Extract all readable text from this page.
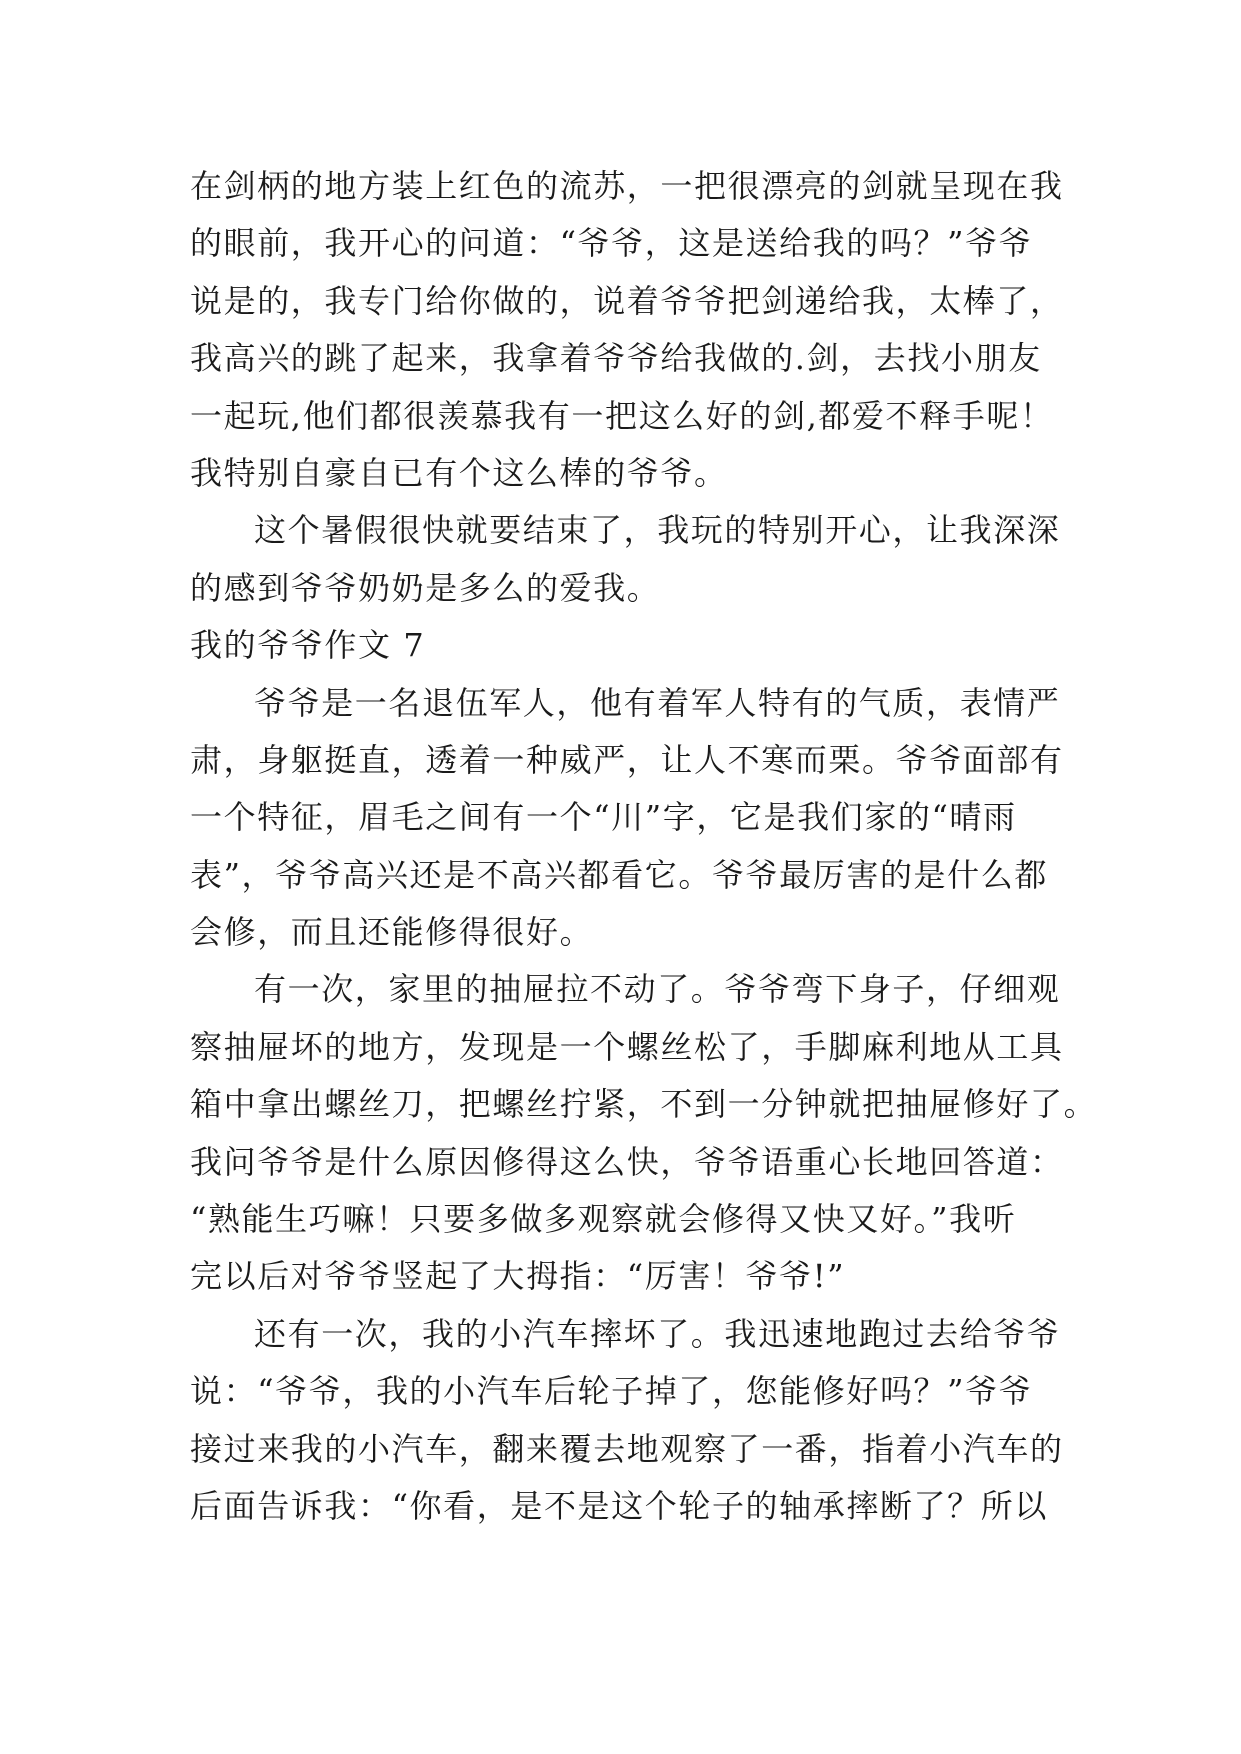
在剑柄的地方装上红色的流苏，一把很漂亮的剑就呈现在我
的眼前，我开心的问道：“爷爷，这是送给我的吗？”爷爷
说是的，我专门给你做的，说着爷爷把剑递给我，太棒了，
我高兴的跳了起来，我拿着爷爷给我做的.剑，去找小朋友
一起玩,他们都很羡慕我有一把这么好的剑,都爱不释手呢！
我特别自豪自已有个这么棒的爷爷。
这个暑假很快就要结束了，我玩的特别开心，让我深深
的感到爷爷奶奶是多么的爱我。
我的爷爷作文 7
爷爷是一名退伍军人，他有着军人特有的气质，表情严
肃，身躯挺直，透着一种威严，让人不寒而栗。爷爷面部有
一个特征，眉毛之间有一个“川”字，它是我们家的“晴雨
表”，爷爷高兴还是不高兴都看它。爷爷最厉害的是什么都
会修，而且还能修得很好。
有一次，家里的抽屉拉不动了。爷爷弯下身子，仔细观
察抽屉坏的地方，发现是一个螺丝松了，手脚麻利地从工具
箱中拿出螺丝刀，把螺丝拧紧，不到一分钟就把抽屉修好了。
我问爷爷是什么原因修得这么快，爷爷语重心长地回答道：
“熟能生巧嘛！只要多做多观察就会修得又快又好。”我听
完以后对爷爷竖起了大拇指：“厉害！爷爷!”
还有一次，我的小汽车摔坏了。我迅速地跑过去给爷爷
说：“爷爷，我的小汽车后轮子掉了，您能修好吗？”爷爷
接过来我的小汽车，翻来覆去地观察了一番，指着小汽车的
后面告诉我：“你看，是不是这个轮子的轴承摔断了？所以
